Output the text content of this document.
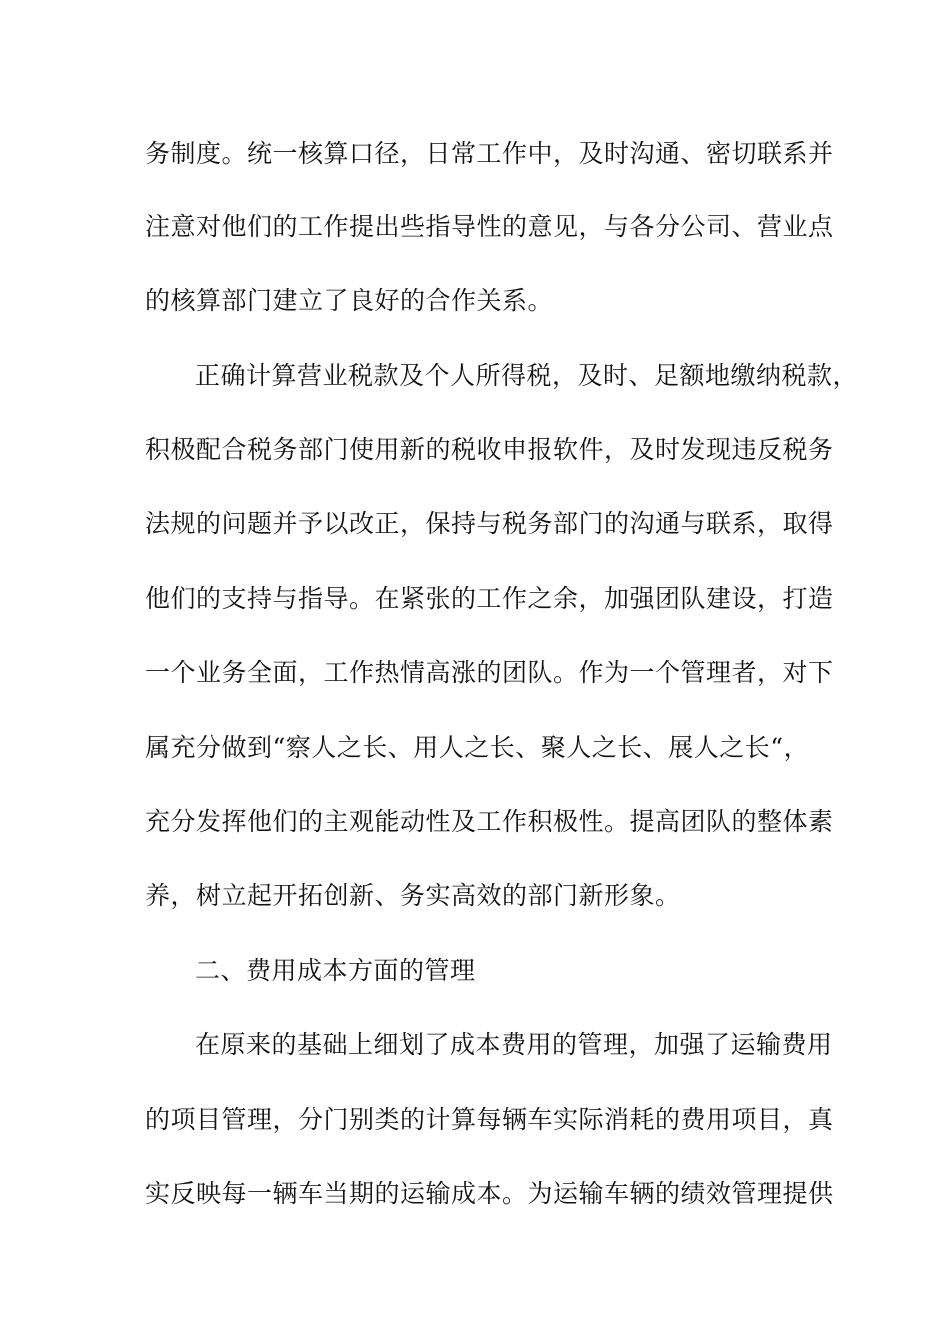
务制度。统一核算口径，日常工作中，及时沟通、密切联系并
注意对他们的工作提出些指导性的意见，与各分公司、营业点
的核算部门建立了良好的合作关系。
正确计算营业税款及个人所得税，及时、足额地缴纳税款，
积极配合税务部门使用新的税收申报软件，及时发现违反税务
法规的问题并予以改正，保持与税务部门的沟通与联系，取得
他们的支持与指导。在紧张的工作之余，加强团队建设，打造
一个业务全面，工作热情高涨的团队。作为一个管理者，对下
属充分做到“察人之长、用人之长、聚人之长、展人之长“，
充分发挥他们的主观能动性及工作积极性。提高团队的整体素
养，树立起开拓创新、务实高效的部门新形象。
二、费用成本方面的管理
在原来的基础上细划了成本费用的管理，加强了运输费用
的项目管理，分门别类的计算每辆车实际消耗的费用项目，真
实反映每一辆车当期的运输成本。为运输车辆的绩效管理提供
